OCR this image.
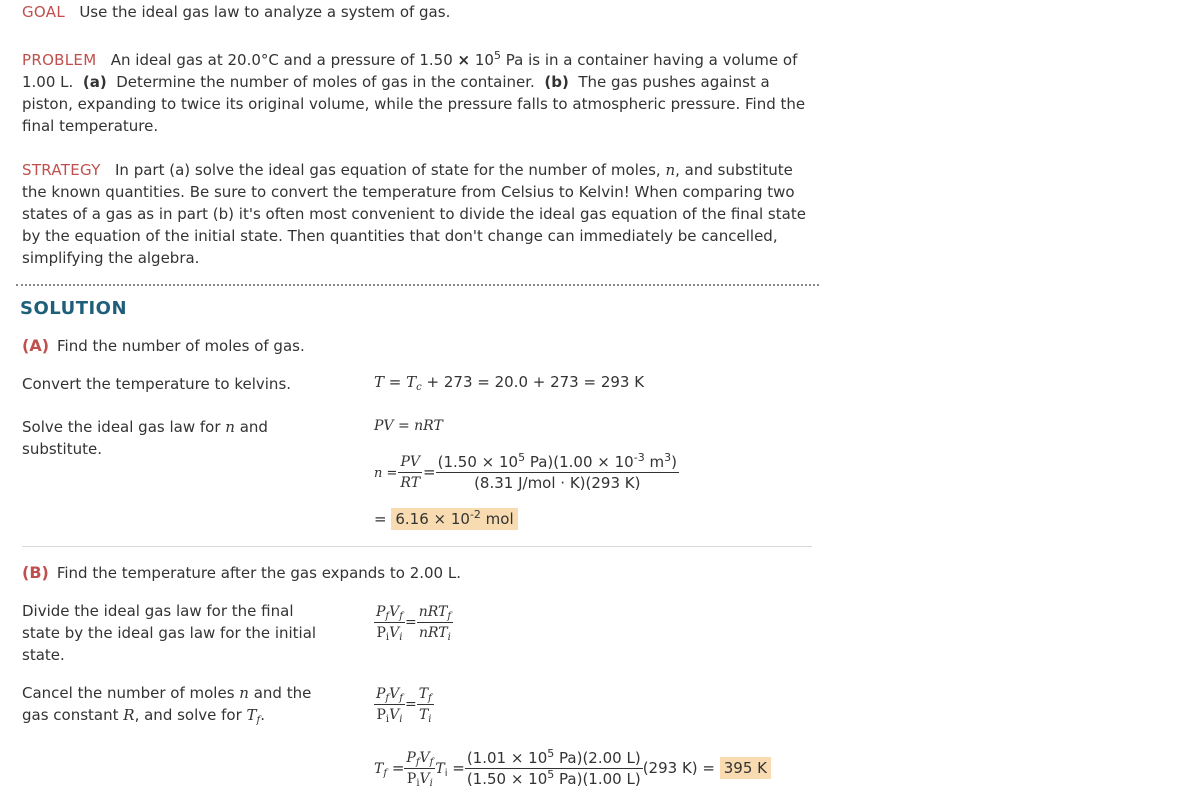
GOAL Use the ideal gas law to analyze a system of gas.
PROBLEM An ideal gas at 20.0°C and a pressure of $1.50 \times 10^5$ Pa is in a container having a volume of 1.00 L.  (a)  Determine the number of moles of gas in the container.  (b)  The gas pushes against a piston, expanding to twice its original volume, while the pressure falls to atmospheric pressure. Find the final temperature.
STRATEGY In part (a) solve the ideal gas equation of state for the number of moles, n, and substitute the known quantities. Be sure to convert the temperature from Celsius to Kelvin! When comparing two states of a gas as in part (b) it's often most convenient to divide the ideal gas equation of the final state by the equation of the initial state. Then quantities that don't change can immediately be cancelled, simplifying the algebra.
SOLUTION
(A) Find the number of moles of gas.
Convert the temperature to kelvins.	$T = T_c + 273 = 20.0 + 273 = 293$ K
Solve the ideal gas law for n and substitute.
PV = nRT
$n = \frac{PV}{RT} = \frac{(1.50 \times 10^5 Pa)(1.00 \times 10^{-3} m^3)}{\text{(8.31 J/mol · K)(293 K)}}$
= $6.16 \times 10^{-2}$ mol
(B) Find the temperature after the gas expands to 2.00 L.
Divide the ideal gas law for the final state by the ideal gas law for the initial state.
$\frac{P_fV_f}{P_iV_i} = \frac{nRT_f}{nRT_i}$
Cancel the number of moles n and the gas constant R, and solve for $T_f$.	$\frac{P_fV_f}{P_iV_i} = \frac{T_f}{T_i}$
$T_f = \frac{P_fV_f}{P_iV_i} T_i = \frac{(1.01 \times 10^5 Pa)(2.00 L)}{(1.50 \times 10^5 Pa)(1.00 L)} (293$ K) = 395 K
